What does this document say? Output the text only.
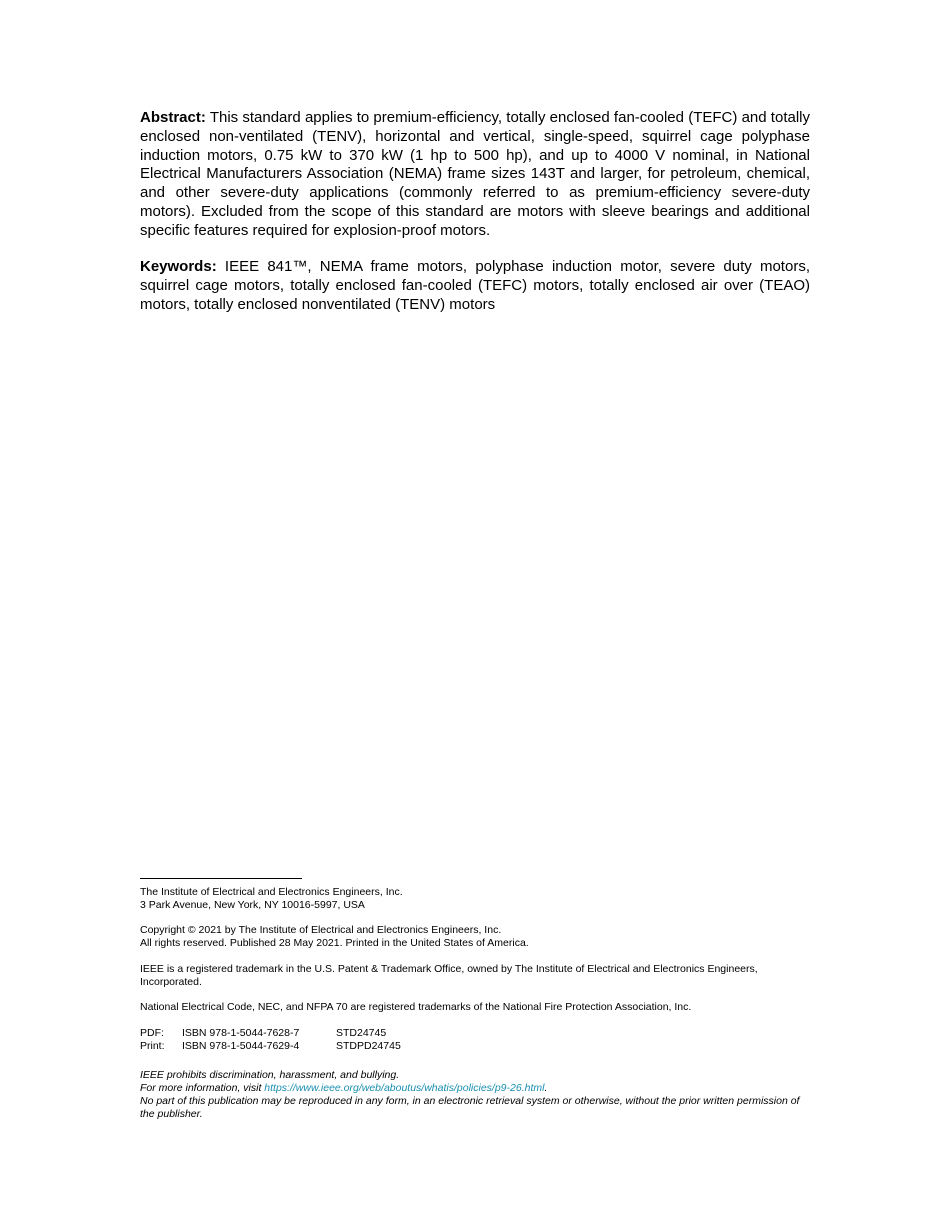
Abstract: This standard applies to premium-efficiency, totally enclosed fan-cooled (TEFC) and totally enclosed non-ventilated (TENV), horizontal and vertical, single-speed, squirrel cage polyphase induction motors, 0.75 kW to 370 kW (1 hp to 500 hp), and up to 4000 V nominal, in National Electrical Manufacturers Association (NEMA) frame sizes 143T and larger, for petroleum, chemical, and other severe-duty applications (commonly referred to as premium-efficiency severe-duty motors). Excluded from the scope of this standard are motors with sleeve bearings and additional specific features required for explosion-proof motors.

Keywords: IEEE 841™, NEMA frame motors, polyphase induction motor, severe duty motors, squirrel cage motors, totally enclosed fan-cooled (TEFC) motors, totally enclosed air over (TEAO) motors, totally enclosed nonventilated (TENV) motors

The Institute of Electrical and Electronics Engineers, Inc.
3 Park Avenue, New York, NY 10016-5997, USA

Copyright © 2021 by The Institute of Electrical and Electronics Engineers, Inc.
All rights reserved. Published 28 May 2021. Printed in the United States of America.

IEEE is a registered trademark in the U.S. Patent & Trademark Office, owned by The Institute of Electrical and Electronics Engineers, Incorporated.

National Electrical Code, NEC, and NFPA 70 are registered trademarks of the National Fire Protection Association, Inc.

PDF: ISBN 978-1-5044-7628-7	STD24745
Print: ISBN 978-1-5044-7629-4	STDPD24745

IEEE prohibits discrimination, harassment, and bullying.
For more information, visit https://www.ieee.org/web/aboutus/whatis/policies/p9-26.html.
No part of this publication may be reproduced in any form, in an electronic retrieval system or otherwise, without the prior written permission of the publisher.
